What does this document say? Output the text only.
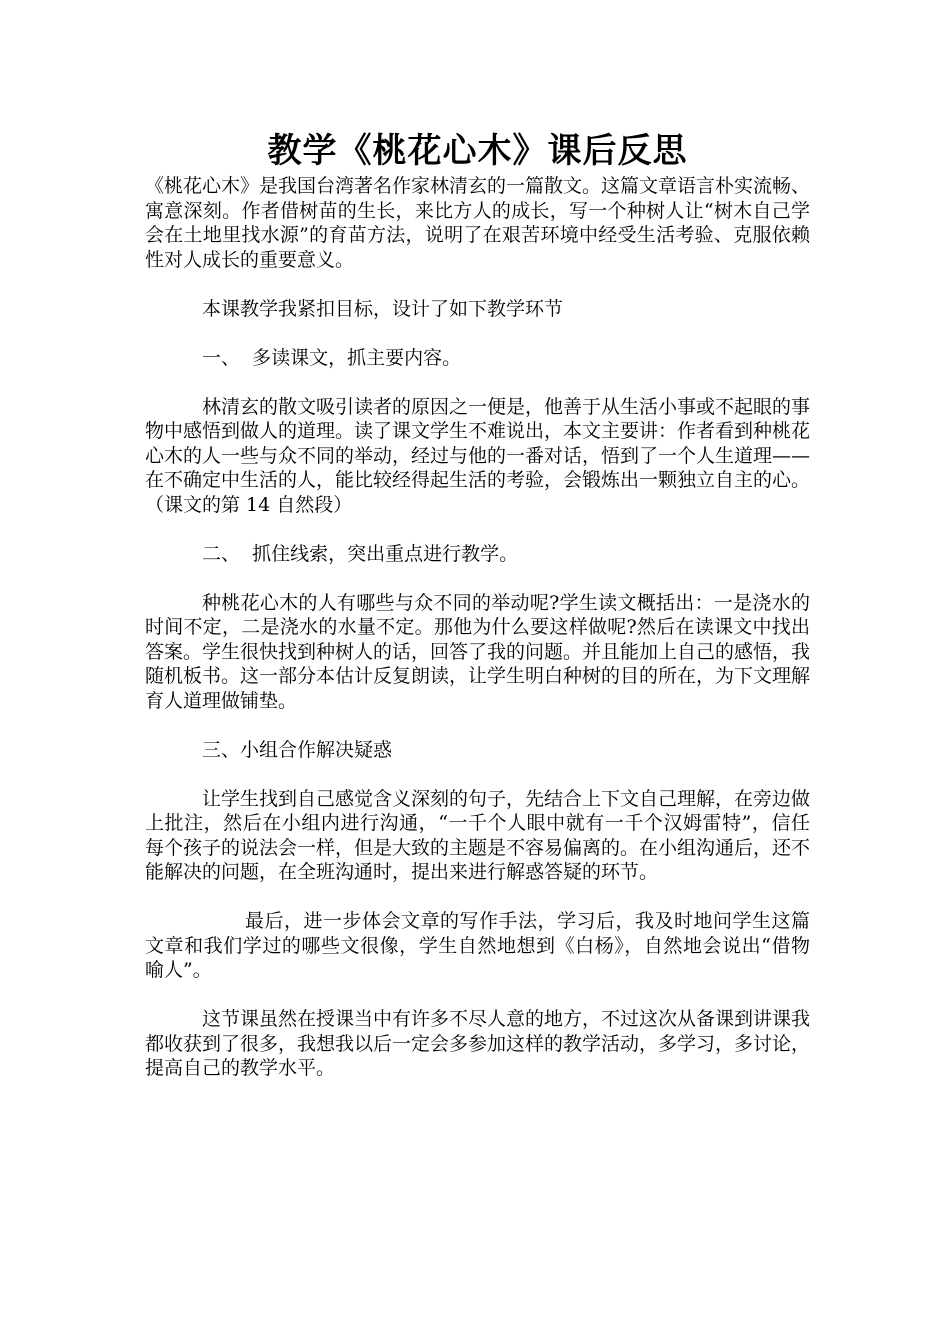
教学《桃花心木》课后反思

《桃花心木》是我国台湾著名作家林清玄的一篇散文。这篇文章语言朴实流畅、寓意深刻。作者借树苗的生长，来比方人的成长，写一个种树人让“树木自己学会在土地里找水源”的育苗方法，说明了在艰苦环境中经受生活考验、克服依赖性对人成长的重要意义。

本课教学我紧扣目标，设计了如下教学环节

一、  多读课文，抓主要内容。

林清玄的散文吸引读者的原因之一便是，他善于从生活小事或不起眼的事物中感悟到做人的道理。读了课文学生不难说出，本文主要讲：作者看到种桃花心木的人一些与众不同的举动，经过与他的一番对话，悟到了一个人生道理——在不确定中生活的人，能比较经得起生活的考验，会锻炼出一颗独立自主的心。（课文的第 14 自然段）

二、  抓住线索，突出重点进行教学。

种桃花心木的人有哪些与众不同的举动呢?学生读文概括出：一是浇水的时间不定，二是浇水的水量不定。那他为什么要这样做呢?然后在读课文中找出答案。学生很快找到种树人的话，回答了我的问题。并且能加上自己的感悟，我随机板书。这一部分本估计反复朗读，让学生明白种树的目的所在，为下文理解育人道理做铺垫。

三、小组合作解决疑惑

让学生找到自己感觉含义深刻的句子，先结合上下文自己理解，在旁边做上批注，然后在小组内进行沟通，“一千个人眼中就有一千个汉姆雷特”，信任每个孩子的说法会一样，但是大致的主题是不容易偏离的。在小组沟通后，还不能解决的问题，在全班沟通时，提出来进行解惑答疑的环节。

最后，进一步体会文章的写作手法，学习后，我及时地问学生这篇文章和我们学过的哪些文很像，学生自然地想到《白杨》，自然地会说出“借物喻人”。

这节课虽然在授课当中有许多不尽人意的地方，不过这次从备课到讲课我都收获到了很多，我想我以后一定会多参加这样的教学活动，多学习，多讨论，提高自己的教学水平。
